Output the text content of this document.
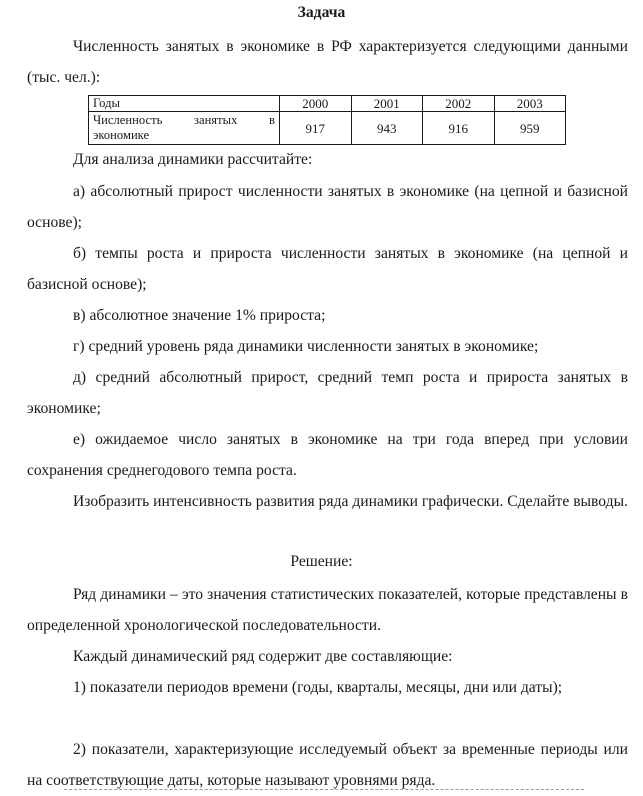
Задача

Численность занятых в экономике в РФ характеризуется следующими данными (тыс. чел.):

Годы	2000	2001	2002	2003
Численность занятых в экономике	917	943	916	959
Для анализа динамики рассчитайте:

а) абсолютный прирост численности занятых в экономике (на цепной и базисной основе);

б) темпы роста и прироста численности занятых в экономике (на цепной и базисной основе);

в) абсолютное значение 1% прироста;

г) средний уровень ряда динамики численности занятых в экономике;

д) средний абсолютный прирост, средний темп роста и прироста занятых в экономике;

е) ожидаемое число занятых в экономике на три года вперед при условии сохранения среднегодового темпа роста.

Изобразить интенсивность развития ряда динамики графически. Сделайте выводы.

Решение:

Ряд динамики – это значения статистических показателей, которые представлены в определенной хронологической последовательности.

Каждый динамический ряд содержит две составляющие:

1) показатели периодов времени (годы, кварталы, месяцы, дни или даты);

2) показатели, характеризующие исследуемый объект за временные периоды или на соответствующие даты, которые называют уровнями ряда.
